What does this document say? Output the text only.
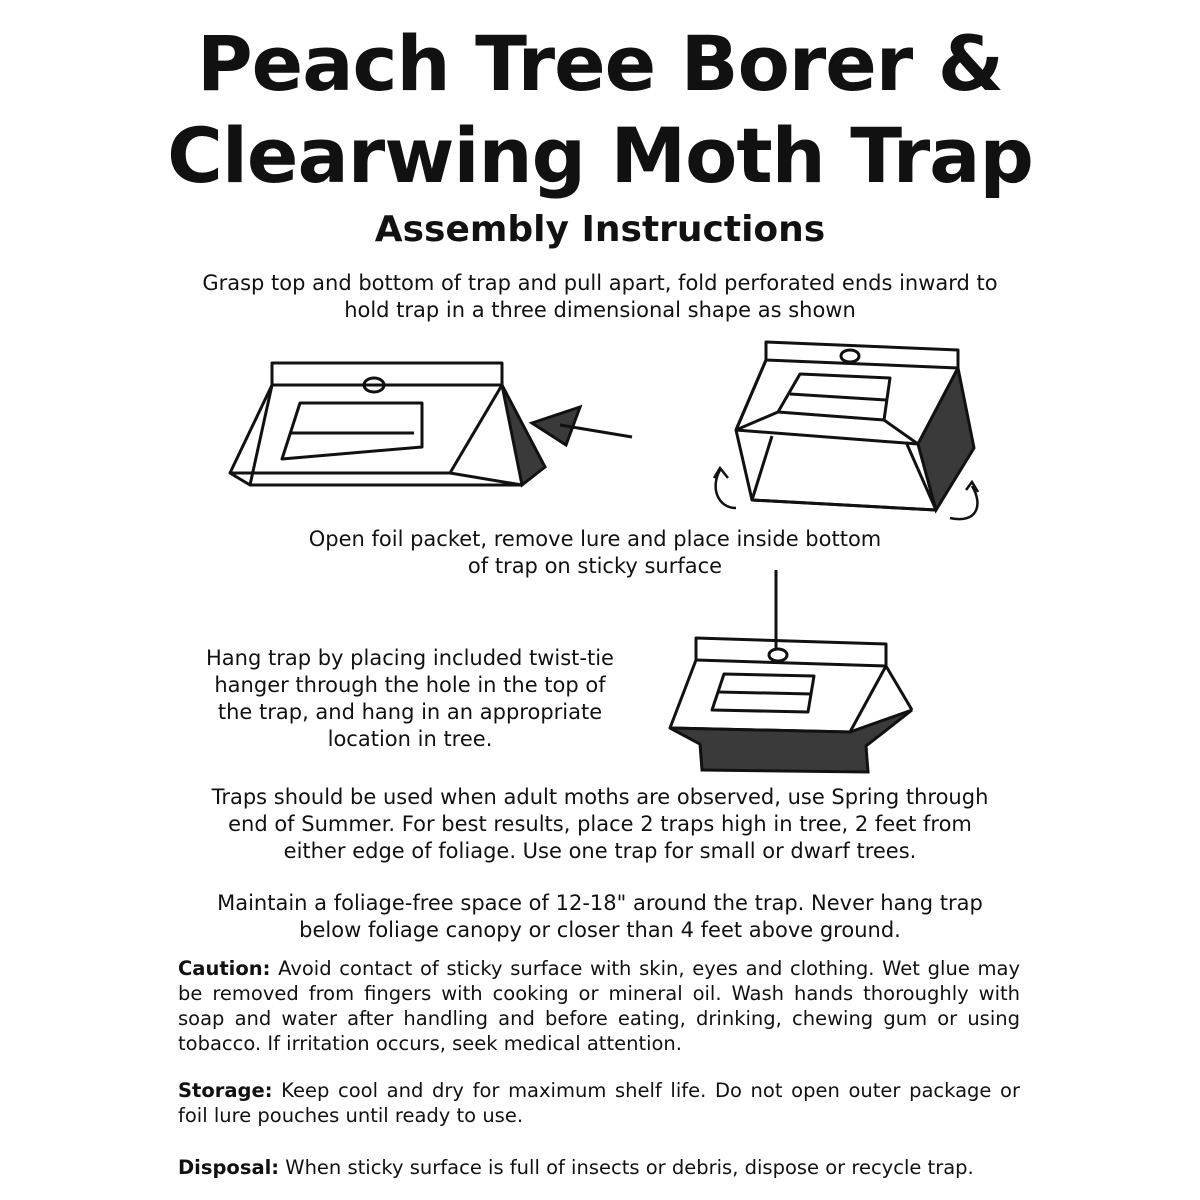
Peach Tree Borer &
Clearwing Moth Trap
Assembly Instructions

Grasp top and bottom of trap and pull apart, fold perforated ends inward to
hold trap in a three dimensional shape as shown

Open foil packet, remove lure and place inside bottom
of trap on sticky surface

Hang trap by placing included twist-tie
hanger through the hole in the top of
the trap, and hang in an appropriate
location in tree.

Traps should be used when adult moths are observed, use Spring through
end of Summer. For best results, place 2 traps high in tree, 2 feet from
either edge of foliage. Use one trap for small or dwarf trees.

Maintain a foliage-free space of 12-18" around the trap. Never hang trap
below foliage canopy or closer than 4 feet above ground.

Caution: Avoid contact of sticky surface with skin, eyes and clothing. Wet glue may be removed from fingers with cooking or mineral oil. Wash hands thoroughly with soap and water after handling and before eating, drinking, chewing gum or using tobacco. If irritation occurs, seek medical attention.

Storage: Keep cool and dry for maximum shelf life. Do not open outer package or foil lure pouches until ready to use.

Disposal: When sticky surface is full of insects or debris, dispose or recycle trap.
